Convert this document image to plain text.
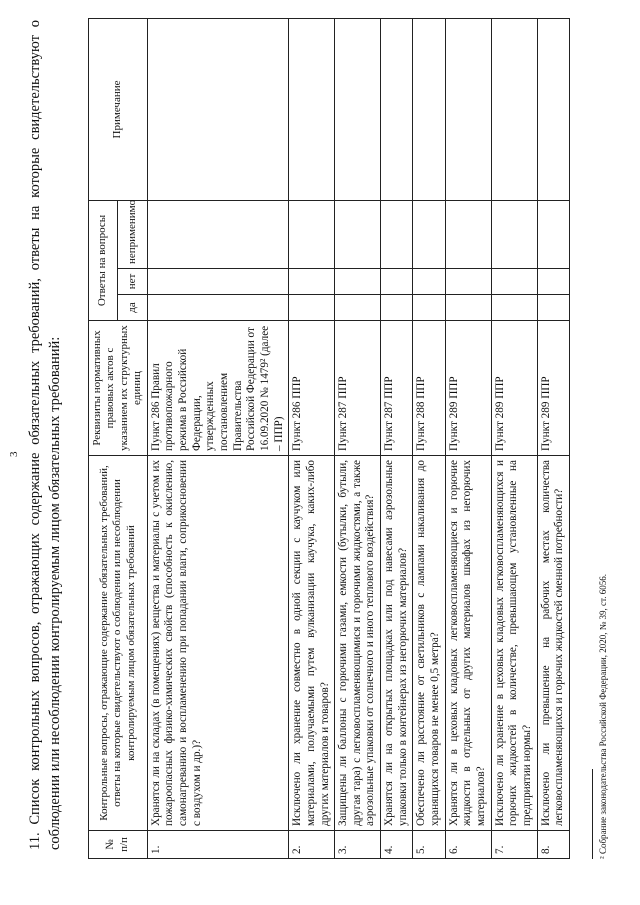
3 11. Список контрольных вопросов, отражающих содержание обязательных требований, ответы на которые свидетельствуют о соблюдении или несоблюдении контролируемым лицом обязательных требований:	№ п/п	Контрольные вопросы, отражающие содержание обязательных требований, ответы на которые свидетельствуют о соблюдении или несоблюдении контролируемым лицом обязательных требований	Реквизиты нормативных правовых актов с указанием их структурных единиц	Ответы на вопросы			Примечание
			да	нет	неприменимо	
1.	Хранятся ли на складах (в помещениях) вещества и материалы с учетом их пожароопасных физико-химических свойств (способность к окислению, самонагреванию и воспламенению при попадании влаги, соприкосновении с воздухом и др.)?	Пункт 286 Правил противопожарного режима в Российской Федерации, утвержденных постановлением Правительства Российской Федерации от 16.09.2020 № 1479² (далее – ППР)				
2.	Исключено ли хранение совместно в одной секции с каучуком или материалами, получаемыми путем вулканизации каучука, каких-либо других материалов и товаров?	Пункт 286 ППР				
3.	Защищены ли баллоны с горючими газами, емкости (бутылки, бутыли, другая тара) с легковоспламеняющимися и горючими жидкостями, а также аэрозольные упаковки от солнечного и иного теплового воздействия?	Пункт 287 ППР				
4.	Хранятся ли на открытых площадках или под навесами аэрозольные упаковки только в контейнерах из негорючих материалов?	Пункт 287 ППР				
5.	Обеспечено ли расстояние от светильников с лампами накаливания до хранящихся товаров не менее 0,5 метра?	Пункт 288 ППР				
6.	Хранятся ли в цеховых кладовых легковоспламеняющиеся и горючие жидкости в отдельных от других материалов шкафах из негорючих материалов?	Пункт 289 ППР				
7.	Исключено ли хранение в цеховых кладовых легковоспламеняющихся и горючих жидкостей в количестве, превышающем установленные на предприятии нормы?	Пункт 289 ППР				
8.	Исключено ли превышение на рабочих местах количества легковоспламеняющихся и горючих жидкостей сменной потребности?	Пункт 289 ППР				
² Собрание законодательства Российской Федерации, 2020, № 39, ст. 6056.
